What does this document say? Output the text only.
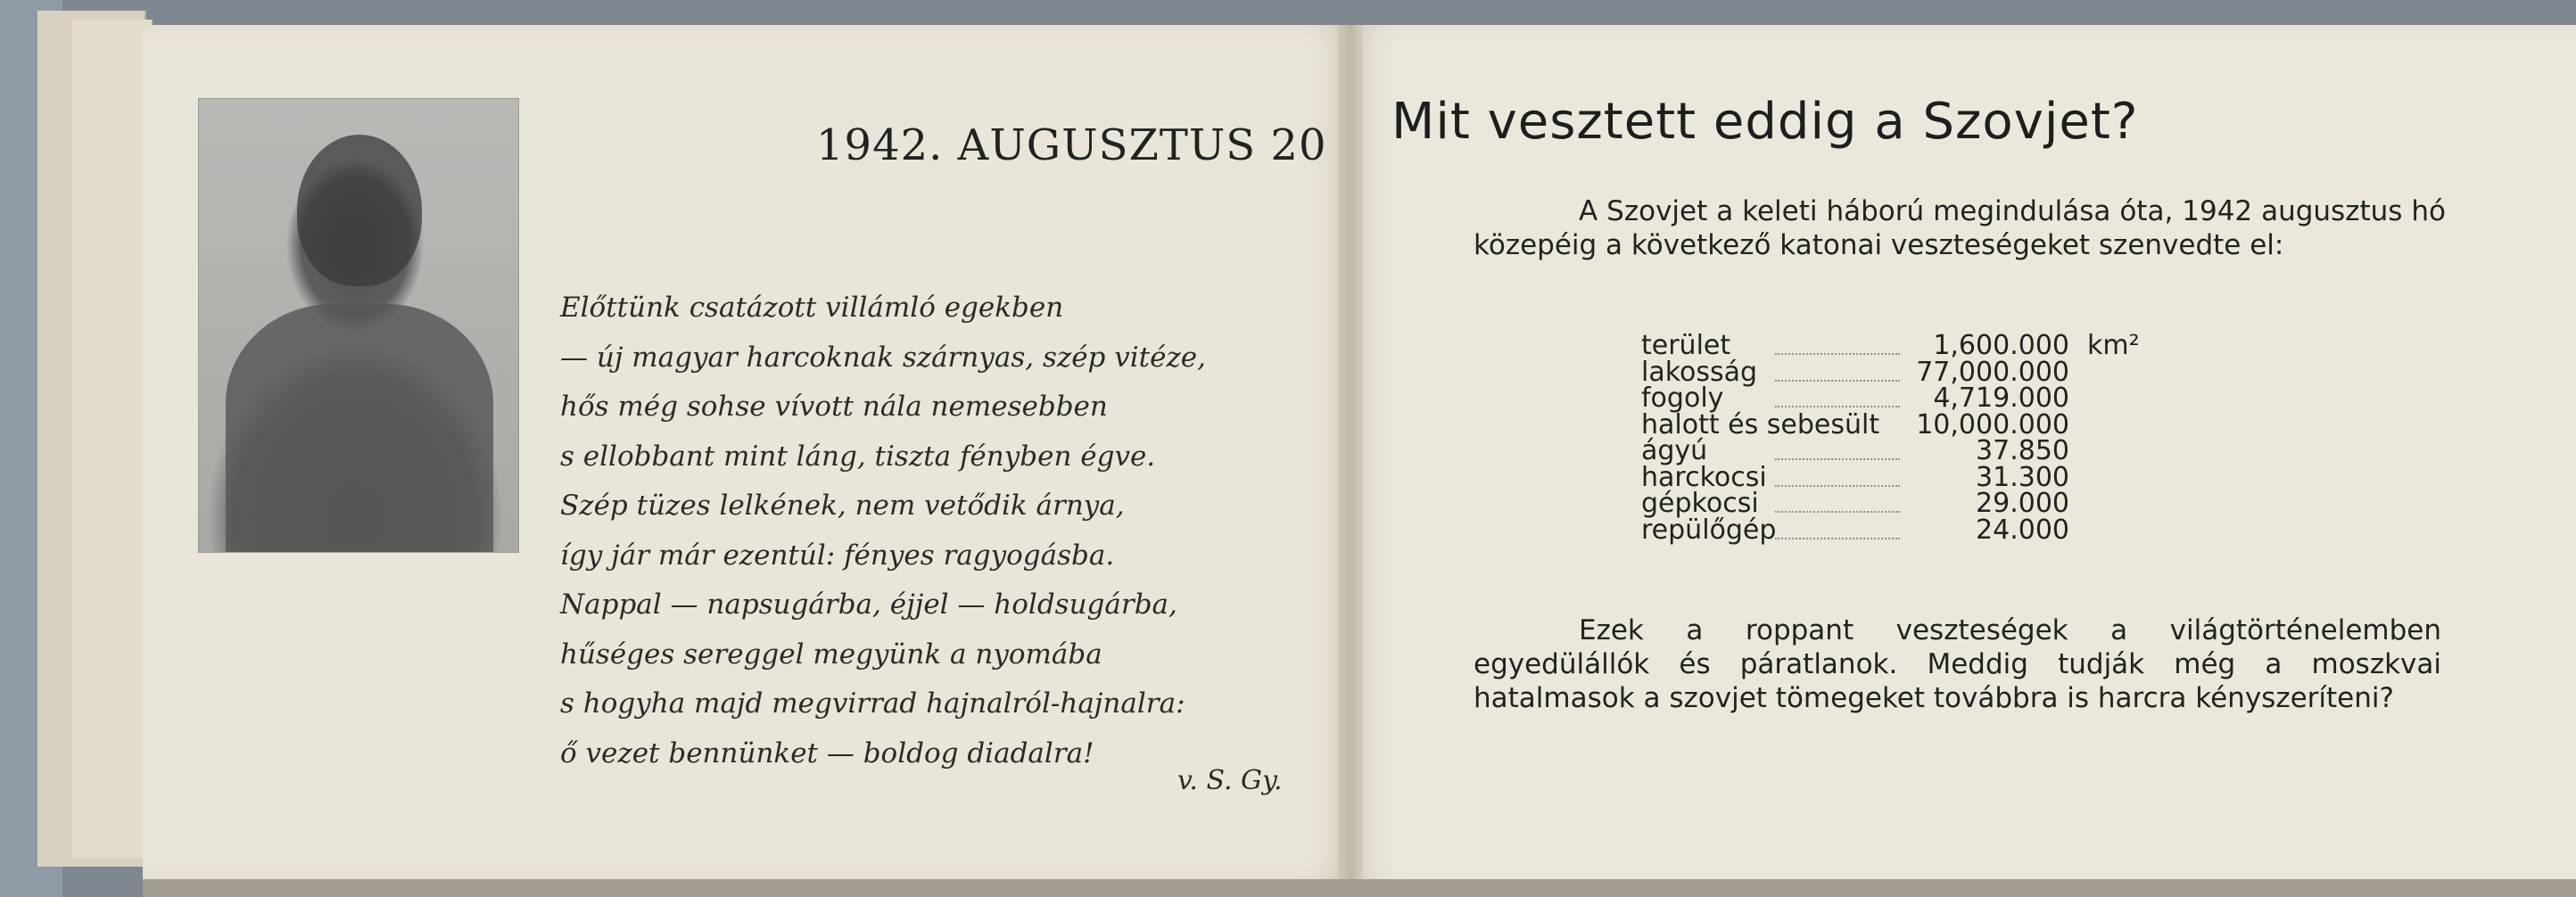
1942. AUGUSZTUS 20
Előttünk csatázott villámló egekben
— új magyar harcoknak szárnyas, szép vitéze,
hős még sohse vívott nála nemesebben
s ellobbant mint láng, tiszta fényben égve.
Szép tüzes lelkének, nem vetődik árnya,
így jár már ezentúl: fényes ragyogásba.
Nappal — napsugárba, éjjel — holdsugárba,
hűséges sereggel megyünk a nyomába
s hogyha majd megvirrad hajnalról-hajnalra:
ő vezet bennünket — boldog diadalra!
v. S. Gy.
Mit vesztett eddig a Szovjet?
A Szovjet a keleti háború megindulása óta, 1942 augusztus hó közepéig a következő katonai veszteségeket szenvedte el:
terület	1,600.000 km²
lakosság	77,000.000
fogoly	4,719.000
halott és sebesült 10,000.000
ágyú	37.850
harckocsi	31.300
gépkocsi	29.000
repülőgép	24.000
Ezek a roppant veszteségek a világtörténelemben egyedülállók és páratlanok. Meddig tudják még a moszkvai hatalmasok a szovjet tömegeket továbbra is harcra kényszeríteni?
